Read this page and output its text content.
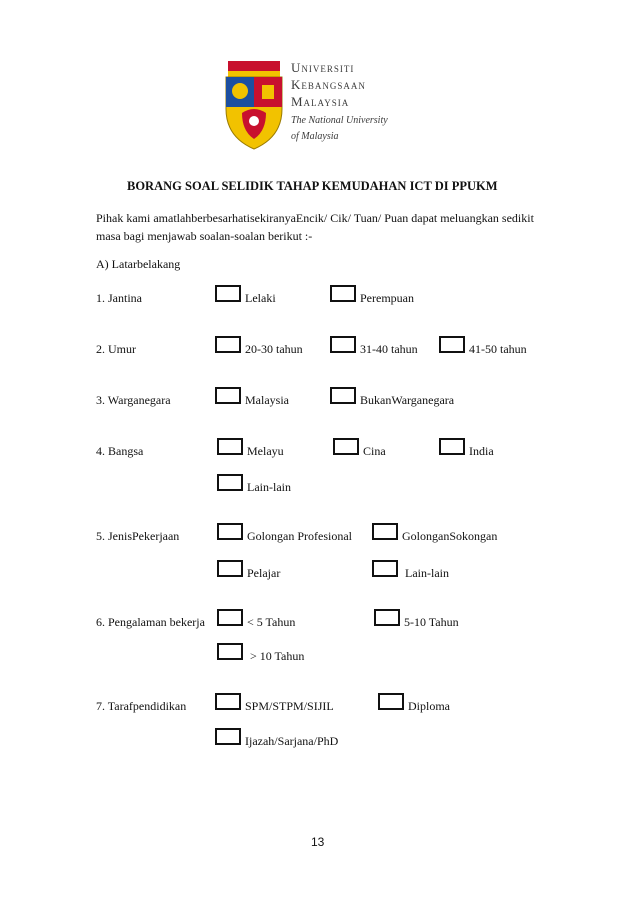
Universiti
Kebangsaan
Malaysia
The National University
of Malaysia
BORANG SOAL SELIDIK TAHAP KEMUDAHAN ICT DI PPUKM
Pihak kami amatlahberbesarhatisekiranyaEncik/ Cik/ Tuan/ Puan dapat meluangkan sedikit masa bagi menjawab soalan-soalan berikut :-
A) Latarbelakang
1. Jantina	Lelaki	Perempuan
2. Umur	20-30 tahun	31-40 tahun	41-50 tahun
3. Warganegara	Malaysia	BukanWarganegara
4. Bangsa	Melayu	Cina	India
Lain-lain
5. JenisPekerjaan	Golongan Profesional	GolonganSokongan
Pelajar	Lain-lain
6. Pengalaman bekerja	< 5 Tahun	5-10 Tahun
> 10 Tahun
7. Tarafpendidikan	SPM/STPM/SIJIL	Diploma
Ijazah/Sarjana/PhD
13
